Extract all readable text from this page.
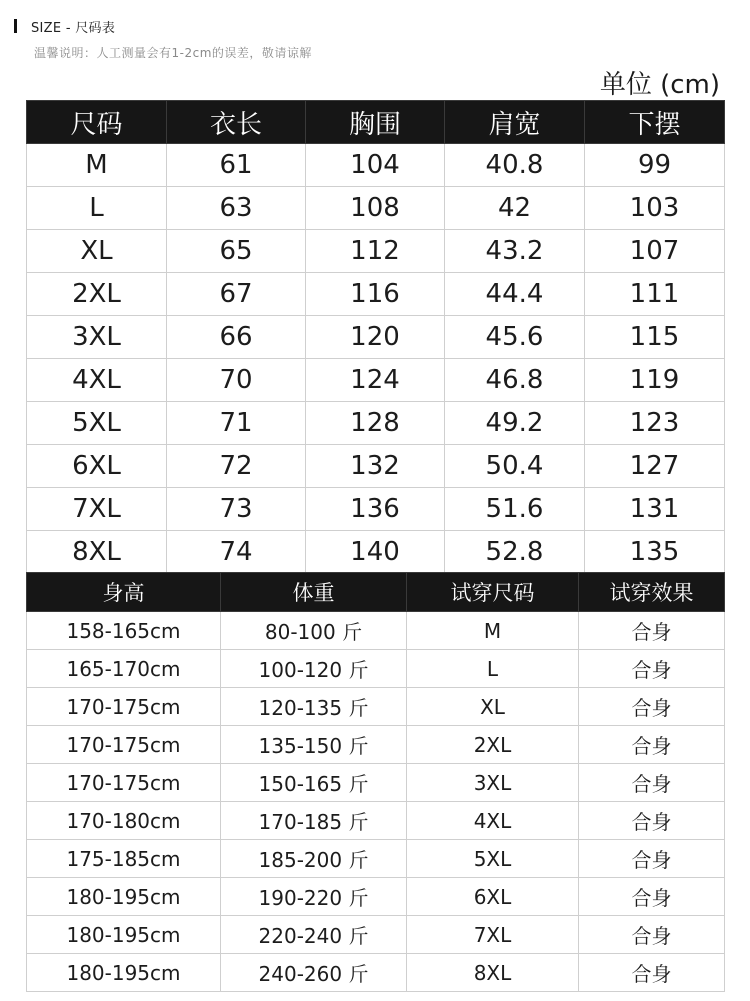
SIZE - 尺码表
温馨说明：人工测量会有1-2cm的误差，敬请谅解
单位 (cm)
尺码	衣长	胸围	肩宽	下摆
M	61	104	40.8	99
L	63	108	42	103
XL	65	112	43.2	107
2XL	67	116	44.4	111
3XL	66	120	45.6	115
4XL	70	124	46.8	119
5XL	71	128	49.2	123
6XL	72	132	50.4	127
7XL	73	136	51.6	131
8XL	74	140	52.8	135
身高	体重	试穿尺码	试穿效果
158-165cm	80-100 斤	M	合身
165-170cm	100-120 斤	L	合身
170-175cm	120-135 斤	XL	合身
170-175cm	135-150 斤	2XL	合身
170-175cm	150-165 斤	3XL	合身
170-180cm	170-185 斤	4XL	合身
175-185cm	185-200 斤	5XL	合身
180-195cm	190-220 斤	6XL	合身
180-195cm	220-240 斤	7XL	合身
180-195cm	240-260 斤	8XL	合身
